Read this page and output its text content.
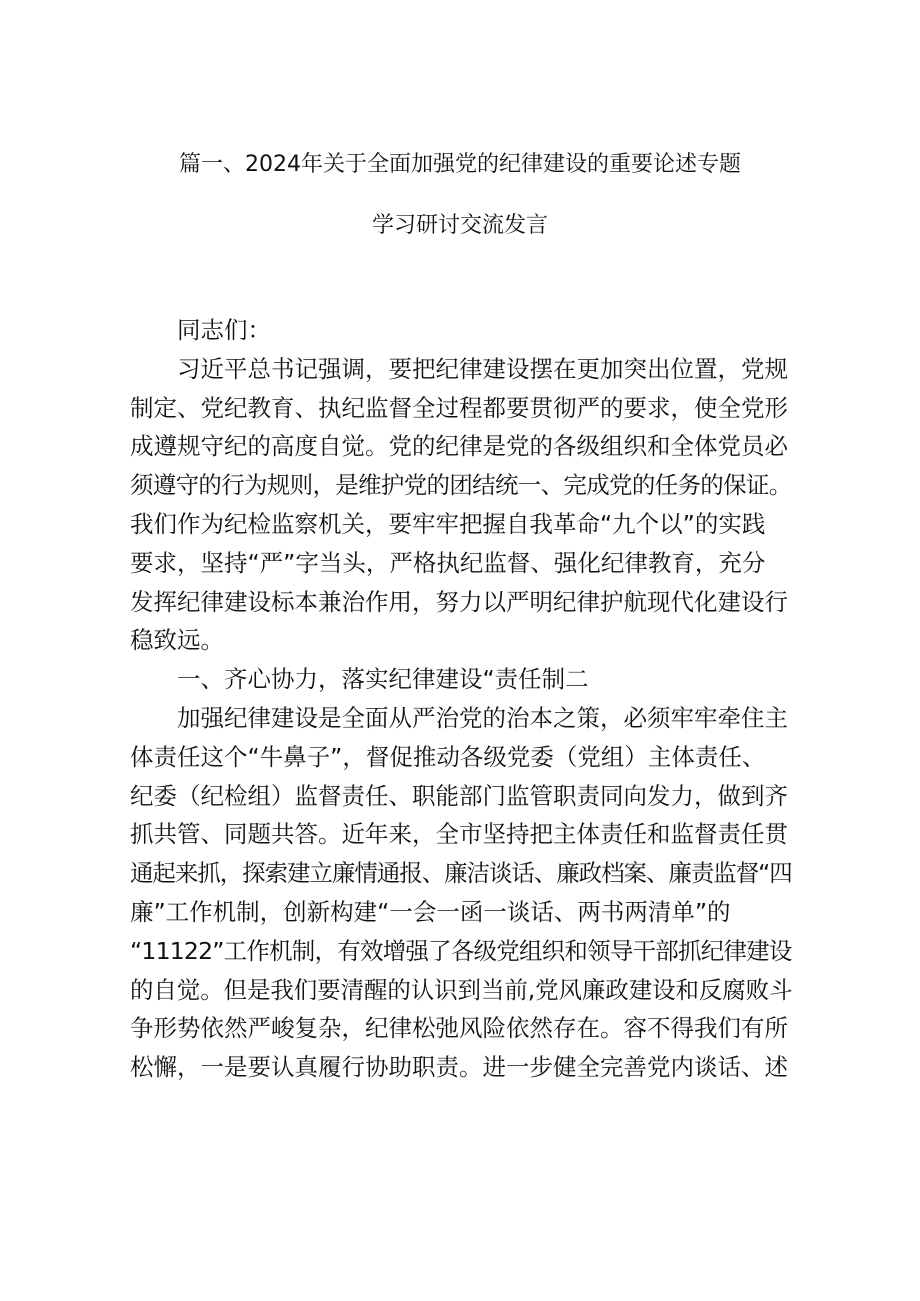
篇一、2024年关于全面加强党的纪律建设的重要论述专题
学习研讨交流发言
同志们：
习近平总书记强调，要把纪律建设摆在更加突出位置，党规
制定、党纪教育、执纪监督全过程都要贯彻严的要求，使全党形
成遵规守纪的高度自觉。党的纪律是党的各级组织和全体党员必
须遵守的行为规则，是维护党的团结统一、完成党的任务的保证。
我们作为纪检监察机关，要牢牢把握自我革命“九个以”的实践
要求，坚持“严”字当头，严格执纪监督、强化纪律教育，充分
发挥纪律建设标本兼治作用，努力以严明纪律护航现代化建设行
稳致远。
一、齐心协力，落实纪律建设“责任制二
加强纪律建设是全面从严治党的治本之策，必须牢牢牵住主
体责任这个“牛鼻子”，督促推动各级党委（党组）主体责任、
纪委（纪检组）监督责任、职能部门监管职责同向发力，做到齐
抓共管、同题共答。近年来，全市坚持把主体责任和监督责任贯
通起来抓，探索建立廉情通报、廉洁谈话、廉政档案、廉责监督“四
廉”工作机制，创新构建“一会一函一谈话、两书两清单”的
“11122”工作机制，有效增强了各级党组织和领导干部抓纪律建设
的自觉。但是我们要清醒的认识到当前,党风廉政建设和反腐败斗
争形势依然严峻复杂，纪律松弛风险依然存在。容不得我们有所
松懈，一是要认真履行协助职责。进一步健全完善党内谈话、述
